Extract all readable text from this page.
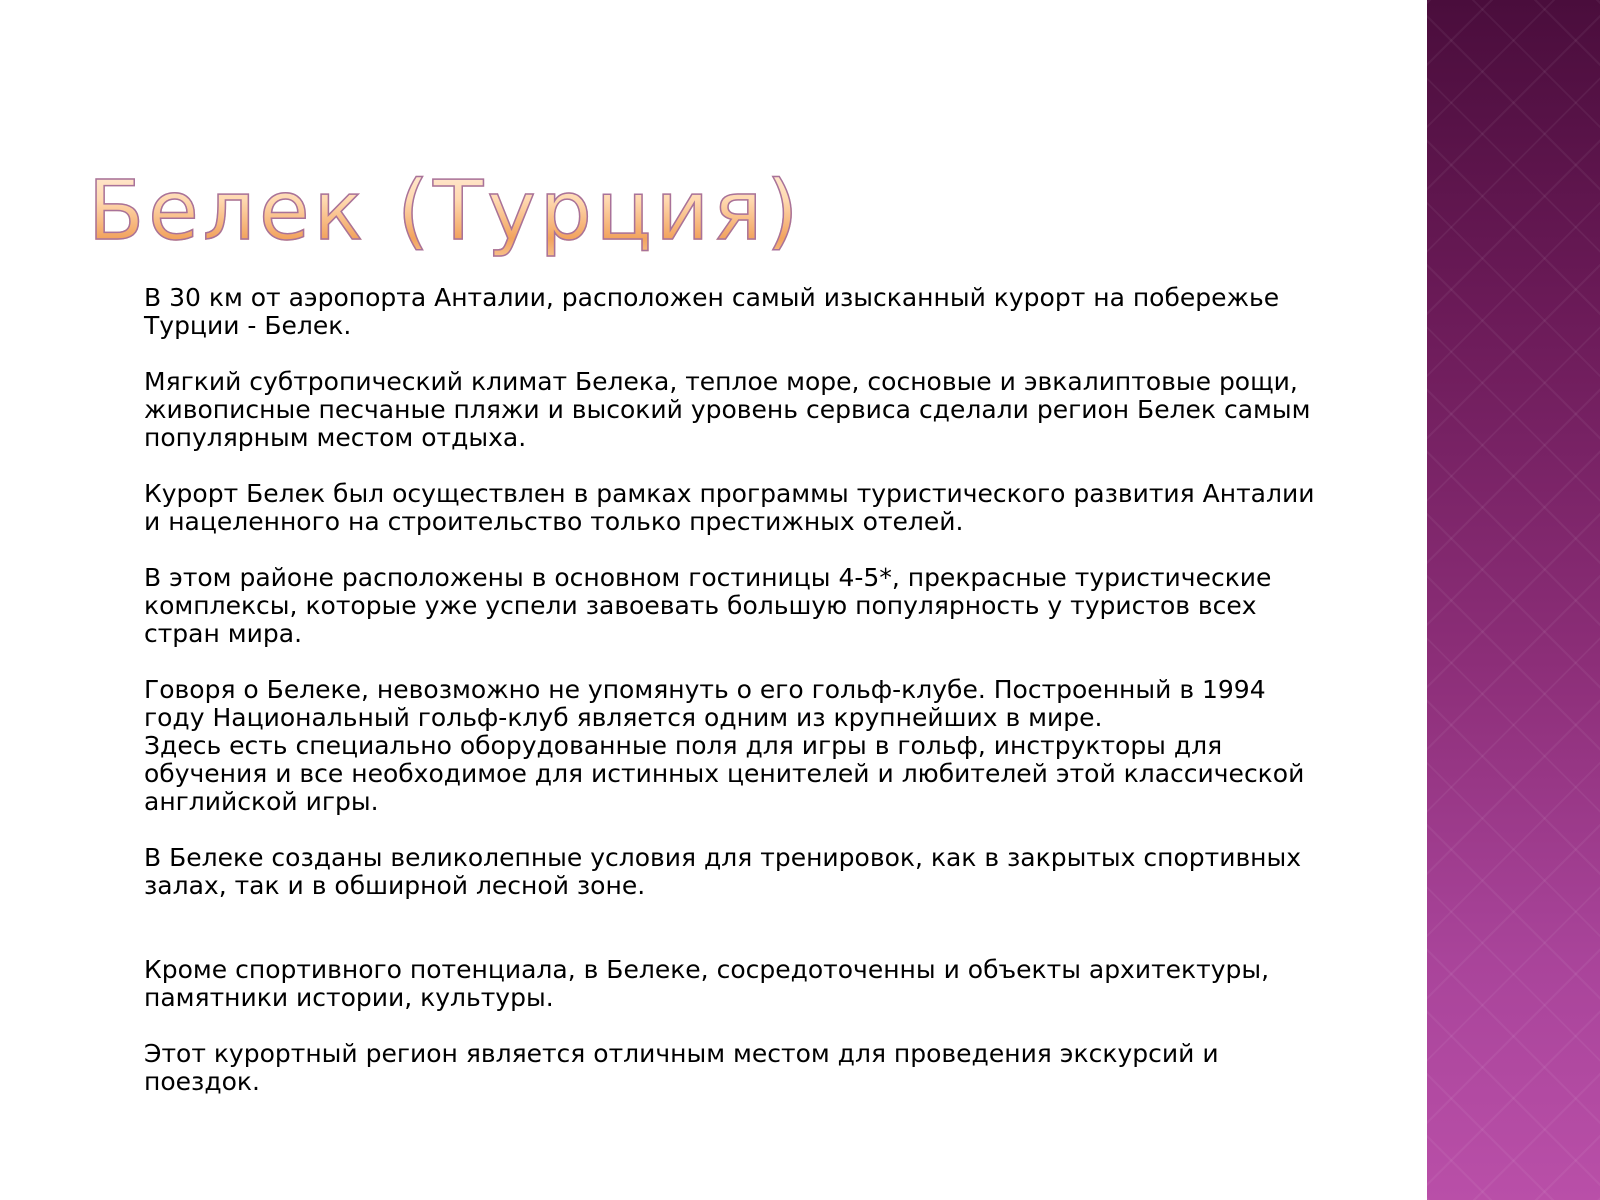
Белек (Турция)

В 30 км от аэропорта Анталии, расположен самый изысканный курорт на побережье
Турции - Белек.

Мягкий субтропический климат Белека, теплое море, сосновые и эвкалиптовые рощи,
живописные песчаные пляжи и высокий уровень сервиса сделали регион Белек самым
популярным местом отдыха.

Курорт Белек был осуществлен в рамках программы туристического развития Анталии
и нацеленного на строительство только престижных отелей.

В этом районе расположены в основном гостиницы 4-5*, прекрасные туристические
комплексы, которые уже успели завоевать большую популярность у туристов всех
стран мира.

Говоря о Белеке, невозможно не упомянуть о его гольф-клубе. Построенный в 1994
году Национальный гольф-клуб является одним из крупнейших в мире.

Здесь есть специально оборудованные поля для игры в гольф, инструкторы для
обучения и все необходимое для истинных ценителей и любителей этой классической
английской игры.

В Белеке созданы великолепные условия для тренировок, как в закрытых спортивных
залах, так и в обширной лесной зоне.

Кроме спортивного потенциала, в Белеке, сосредоточенны и объекты архитектуры,
памятники истории, культуры.

Этот курортный регион является отличным местом для проведения экскурсий и
поездок.
